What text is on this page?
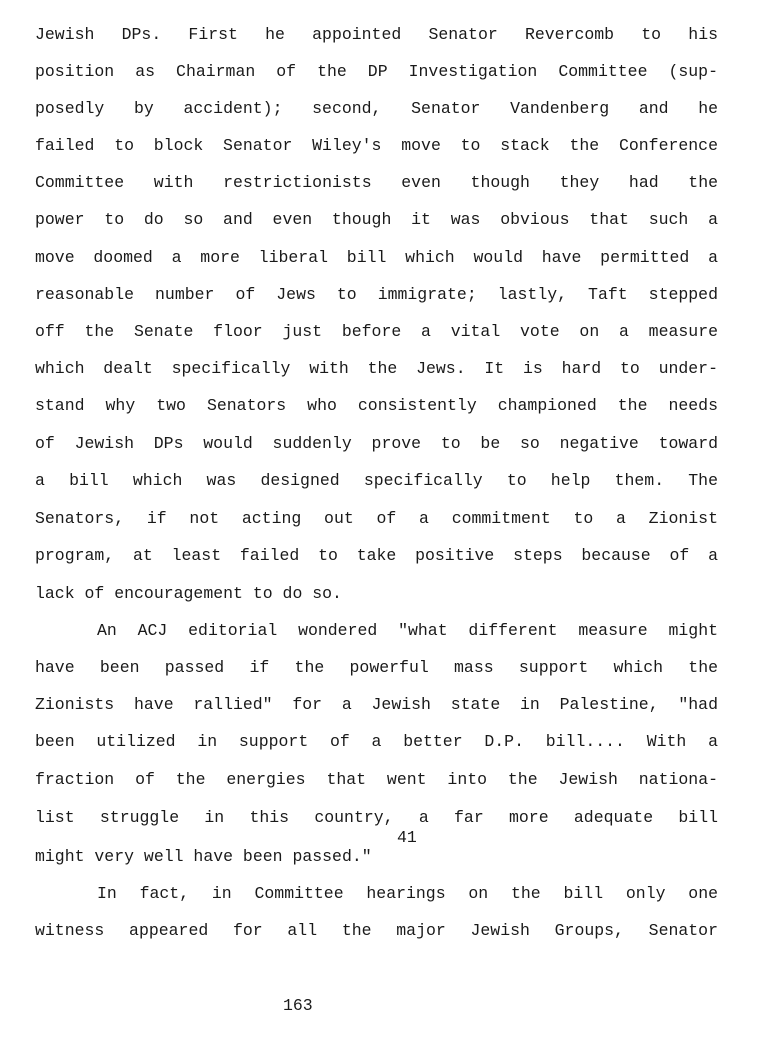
Jewish DPs. First he appointed Senator Revercomb to his
position as Chairman of the DP Investigation Committee (sup-
posedly by accident); second, Senator Vandenberg and he
failed to block Senator Wiley's move to stack the Conference
Committee with restrictionists even though they had the
power to do so and even though it was obvious that such a
move doomed a more liberal bill which would have permitted a
reasonable number of Jews to immigrate; lastly, Taft stepped
off the Senate floor just before a vital vote on a measure
which dealt specifically with the Jews. It is hard to under-
stand why two Senators who consistently championed the needs
of Jewish DPs would suddenly prove to be so negative toward
a bill which was designed specifically to help them. The
Senators, if not acting out of a commitment to a Zionist
program, at least failed to take positive steps because of a
lack of encouragement to do so.
An ACJ editorial wondered "what different measure might
have been passed if the powerful mass support which the
Zionists have rallied" for a Jewish state in Palestine, "had
been utilized in support of a better D.P. bill.... With a
fraction of the energies that went into the Jewish nationa-
list struggle in this country, a far more adequate bill
41
might very well have been passed."
In fact, in Committee hearings on the bill only one
witness appeared for all the major Jewish Groups, Senator
163
